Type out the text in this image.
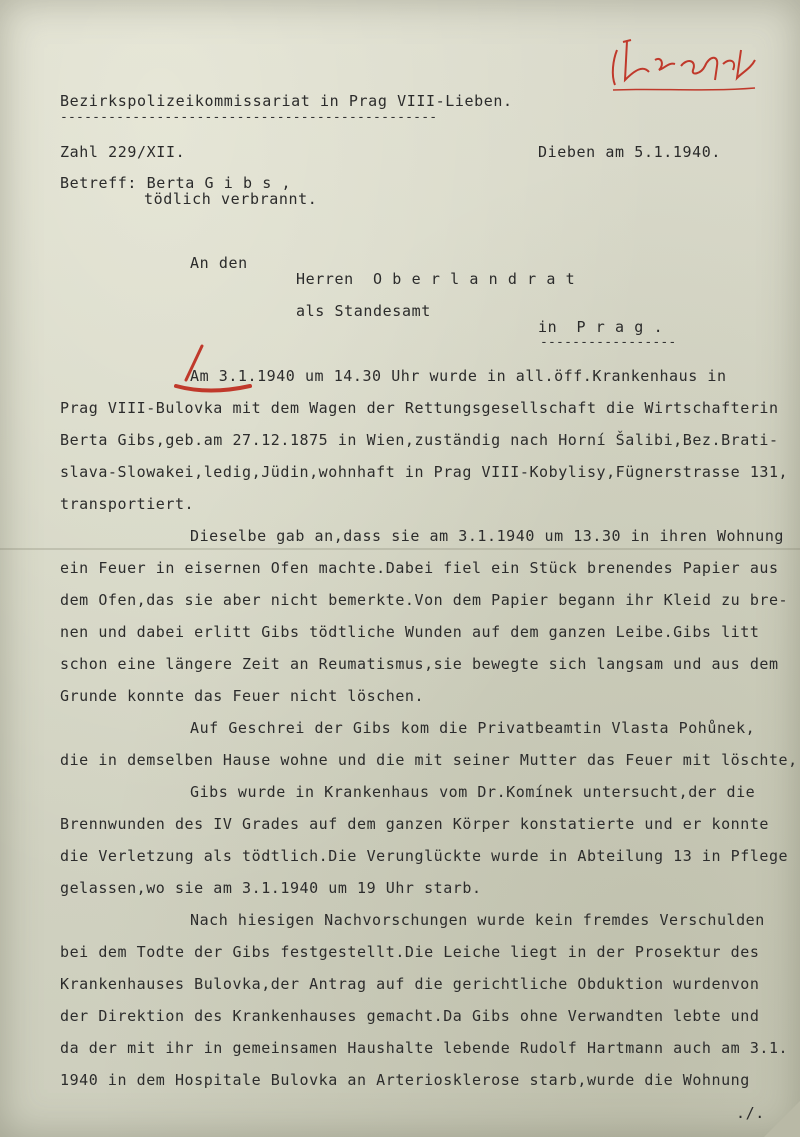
Bezirkspolizeikommissariat in Prag VIII-Lieben.
-----------------------------------------------
Zahl 229/XII.	Dieben am 5.1.1940.
Betreff: Berta G i b s ,
tödlich verbrannt.
An den
Herren  O b e r l a n d r a t
als Standesamt
in  P r a g .
-----------------
Am 3.1.1940 um 14.30 Uhr wurde in all.öff.Krankenhaus in
Prag VIII-Bulovka mit dem Wagen der Rettungsgesellschaft die Wirtschafterin
Berta Gibs,geb.am 27.12.1875 in Wien,zuständig nach Horní Šalibi,Bez.Brati-
slava-Slowakei,ledig,Jüdin,wohnhaft in Prag VIII-Kobylisy,Fügnerstrasse 131,
transportiert.
Dieselbe gab an,dass sie am 3.1.1940 um 13.30 in ihren Wohnung
ein Feuer in eisernen Ofen machte.Dabei fiel ein Stück brenendes Papier aus
dem Ofen,das sie aber nicht bemerkte.Von dem Papier begann ihr Kleid zu bre-
nen und dabei erlitt Gibs tödtliche Wunden auf dem ganzen Leibe.Gibs litt
schon eine längere Zeit an Reumatismus,sie bewegte sich langsam und aus dem
Grunde konnte das Feuer nicht löschen.
Auf Geschrei der Gibs kom die Privatbeamtin Vlasta Pohůnek,
die in demselben Hause wohne und die mit seiner Mutter das Feuer mit löschte,
Gibs wurde in Krankenhaus vom Dr.Komínek untersucht,der die
Brennwunden des IV Grades auf dem ganzen Körper konstatierte und er konnte
die Verletzung als tödtlich.Die Verunglückte wurde in Abteilung 13 in Pflege
gelassen,wo sie am 3.1.1940 um 19 Uhr starb.
Nach hiesigen Nachvorschungen wurde kein fremdes Verschulden
bei dem Todte der Gibs festgestellt.Die Leiche liegt in der Prosektur des
Krankenhauses Bulovka,der Antrag auf die gerichtliche Obduktion wurdenvon
der Direktion des Krankenhauses gemacht.Da Gibs ohne Verwandten lebte und
da der mit ihr in gemeinsamen Haushalte lebende Rudolf Hartmann auch am 3.1.
1940 in dem Hospitale Bulovka an Arteriosklerose starb,wurde die Wohnung
./.
